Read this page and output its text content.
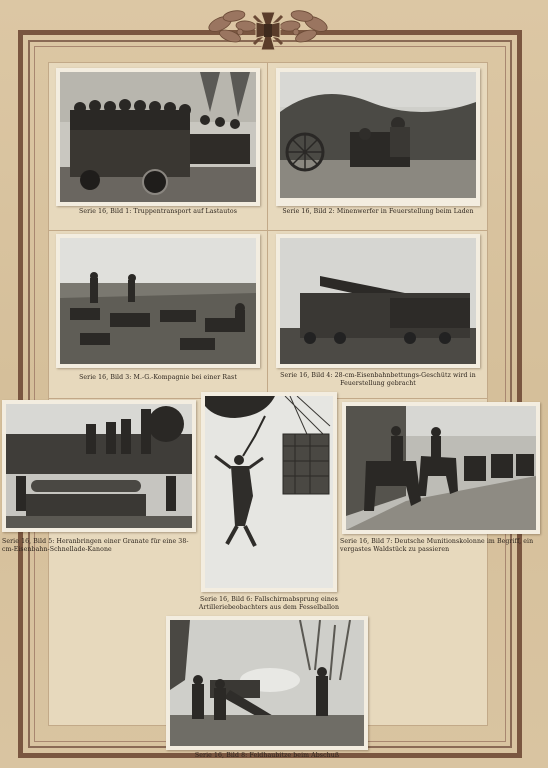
Serie 16, Bild 1: Truppentransport auf Lastautos	Serie 16, Bild 2: Minenwerfer in Feuerstellung beim Laden
Serie 16, Bild 3: M.-G.-Kompagnie bei einer Rast	Serie 16, Bild 4: 28-cm-Eisenbahnbettungs-Geschütz wird in Feuerstellung gebracht
Serie 16, Bild 5: Heranbringen einer Granate für eine 38-cm-Eisenbahn-Schnellade-Kanone
Serie 16, Bild 6: Fallschirmabsprung eines Artilleriebeobachters aus dem Fesselballon
Serie 16, Bild 7: Deutsche Munitionskolonne im Begriff, ein vergastes Waldstück zu passieren
Serie 16, Bild 8: Feldhaubitze beim Abschuß
